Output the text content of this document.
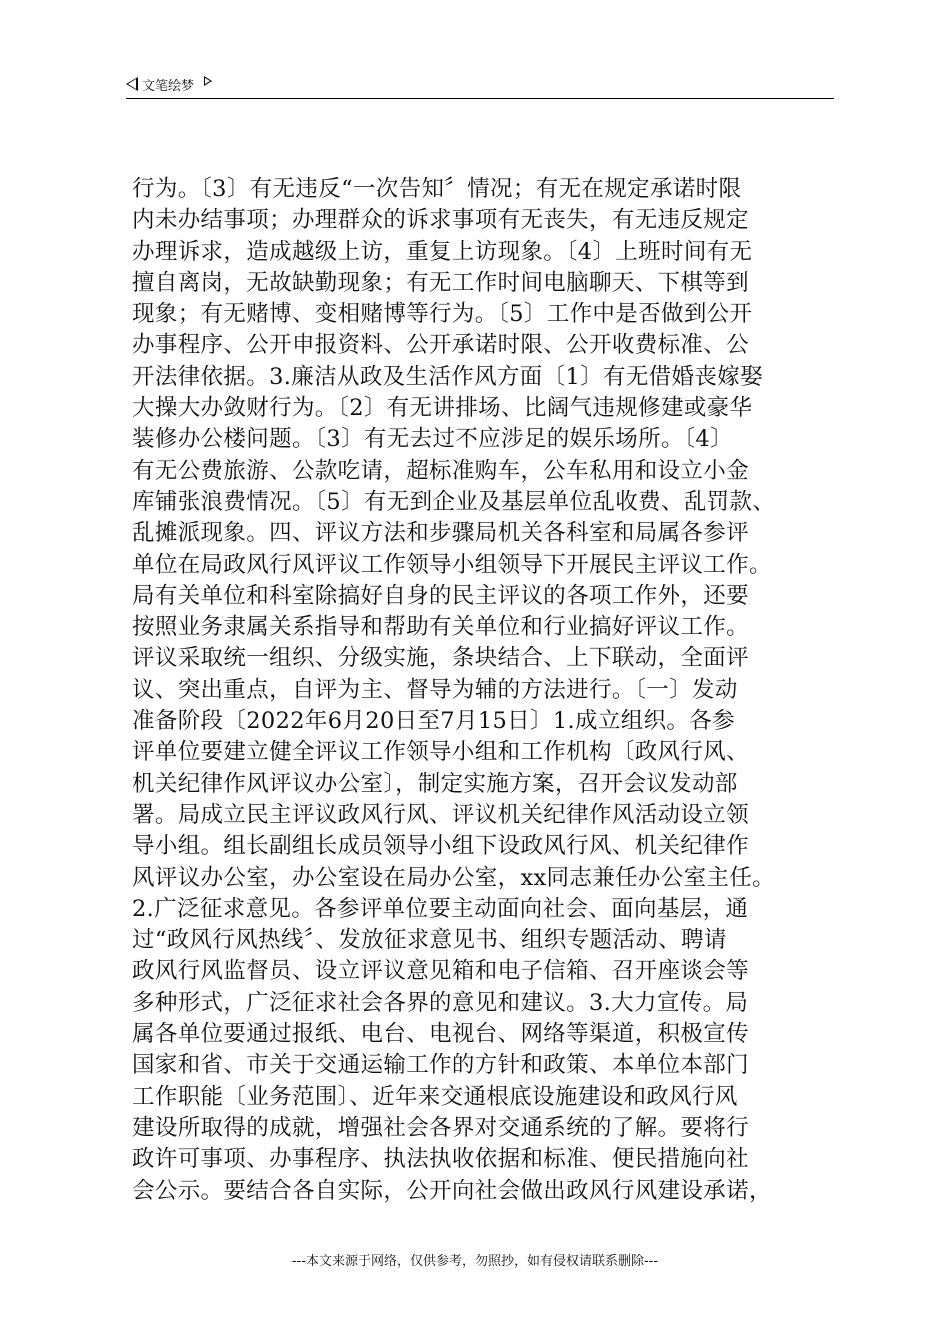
文笔绘梦
行为。〔3〕有无违反“一次告知〞情况；有无在规定承诺时限
内未办结事项；办理群众的诉求事项有无丧失，有无违反规定
办理诉求，造成越级上访，重复上访现象。〔4〕上班时间有无
擅自离岗，无故缺勤现象；有无工作时间电脑聊天、下棋等到
现象；有无赌博、变相赌博等行为。〔5〕工作中是否做到公开
办事程序、公开申报资料、公开承诺时限、公开收费标准、公
开法律依据。3.廉洁从政及生活作风方面〔1〕有无借婚丧嫁娶
大操大办敛财行为。〔2〕有无讲排场、比阔气违规修建或豪华
装修办公楼问题。〔3〕有无去过不应涉足的娱乐场所。〔4〕
有无公费旅游、公款吃请，超标准购车，公车私用和设立小金
库铺张浪费情况。〔5〕有无到企业及基层单位乱收费、乱罚款、
乱摊派现象。四、评议方法和步骤局机关各科室和局属各参评
单位在局政风行风评议工作领导小组领导下开展民主评议工作。
局有关单位和科室除搞好自身的民主评议的各项工作外，还要
按照业务隶属关系指导和帮助有关单位和行业搞好评议工作。
评议采取统一组织、分级实施，条块结合、上下联动，全面评
议、突出重点，自评为主、督导为辅的方法进行。〔一〕发动
准备阶段〔2022年6月20日至7月15日〕1.成立组织。各参
评单位要建立健全评议工作领导小组和工作机构〔政风行风、
机关纪律作风评议办公室〕，制定实施方案，召开会议发动部
署。局成立民主评议政风行风、评议机关纪律作风活动设立领
导小组。组长副组长成员领导小组下设政风行风、机关纪律作
风评议办公室，办公室设在局办公室，xx同志兼任办公室主任。
2.广泛征求意见。各参评单位要主动面向社会、面向基层，通
过“政风行风热线〞、发放征求意见书、组织专题活动、聘请
政风行风监督员、设立评议意见箱和电子信箱、召开座谈会等
多种形式，广泛征求社会各界的意见和建议。3.大力宣传。局
属各单位要通过报纸、电台、电视台、网络等渠道，积极宣传
国家和省、市关于交通运输工作的方针和政策、本单位本部门
工作职能〔业务范围〕、近年来交通根底设施建设和政风行风
建设所取得的成就，增强社会各界对交通系统的了解。要将行
政许可事项、办事程序、执法执收依据和标准、便民措施向社
会公示。要结合各自实际，公开向社会做出政风行风建设承诺，
---本文来源于网络，仅供参考，勿照抄，如有侵权请联系删除---
